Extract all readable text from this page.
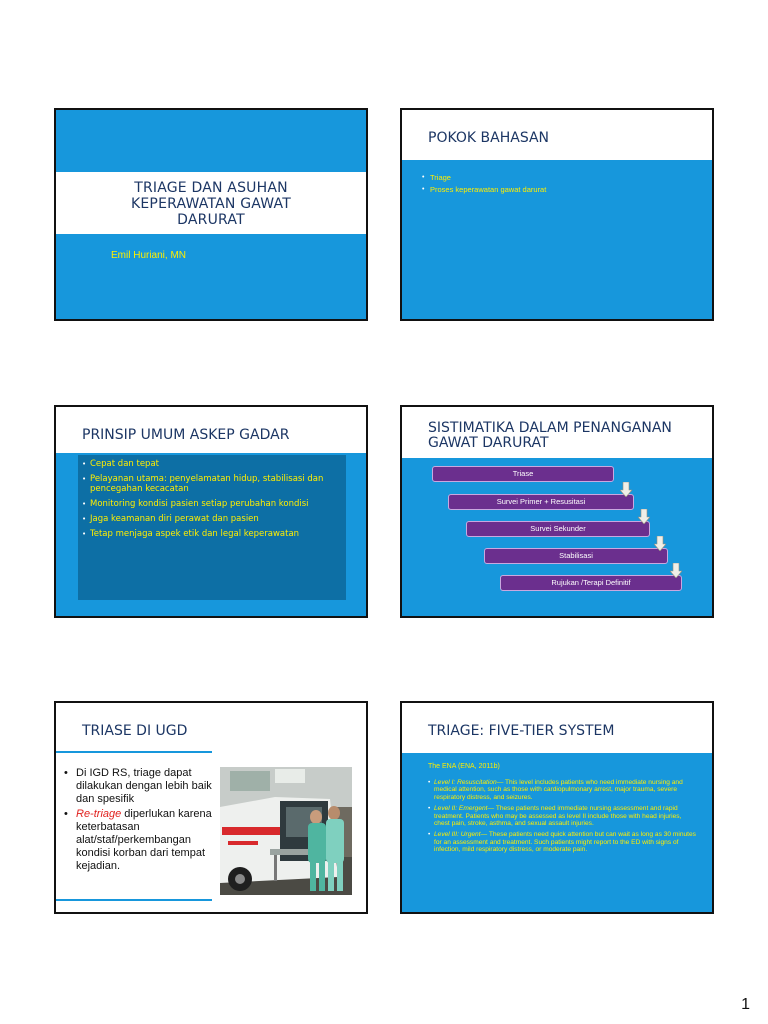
TRIAGE DAN ASUHAN KEPERAWATAN GAWAT DARURAT
Emil Huriani, MN
POKOK BAHASAN
• Triage
• Proses keperawatan gawat darurat
PRINSIP UMUM ASKEP GADAR
• Cepat dan tepat
• Pelayanan utama: penyelamatan hidup, stabilisasi dan pencegahan kecacatan
• Monitoring kondisi pasien setiap perubahan kondisi
• Jaga keamanan diri perawat dan pasien
• Tetap menjaga aspek etik dan legal keperawatan
SISTIMATIKA DALAM PENANGANAN GAWAT DARURAT
Triase
Survei Primer + Resusitasi
Survei Sekunder
Stabilisasi
Rujukan /Terapi Definitif
TRIASE DI UGD
• Di IGD RS, triage dapat dilakukan dengan lebih baik dan spesifik
• Re-triage diperlukan karena keterbatasan alat/staf/perkembangan kondisi korban dari tempat kejadian.
TRIAGE: FIVE-TIER SYSTEM
The ENA (ENA, 2011b)
• Level I: Resuscitation— This level includes patients who need immediate nursing and medical attention, such as those with cardiopulmonary arrest, major trauma, severe respiratory distress, and seizures.
• Level II: Emergent— These patients need immediate nursing assessment and rapid treatment. Patients who may be assessed as level II include those with head injuries, chest pain, stroke, asthma, and sexual assault injuries.
• Level III: Urgent— These patients need quick attention but can wait as long as 30 minutes for an assessment and treatment. Such patients might report to the ED with signs of infection, mild respiratory distress, or moderate pain.
1
